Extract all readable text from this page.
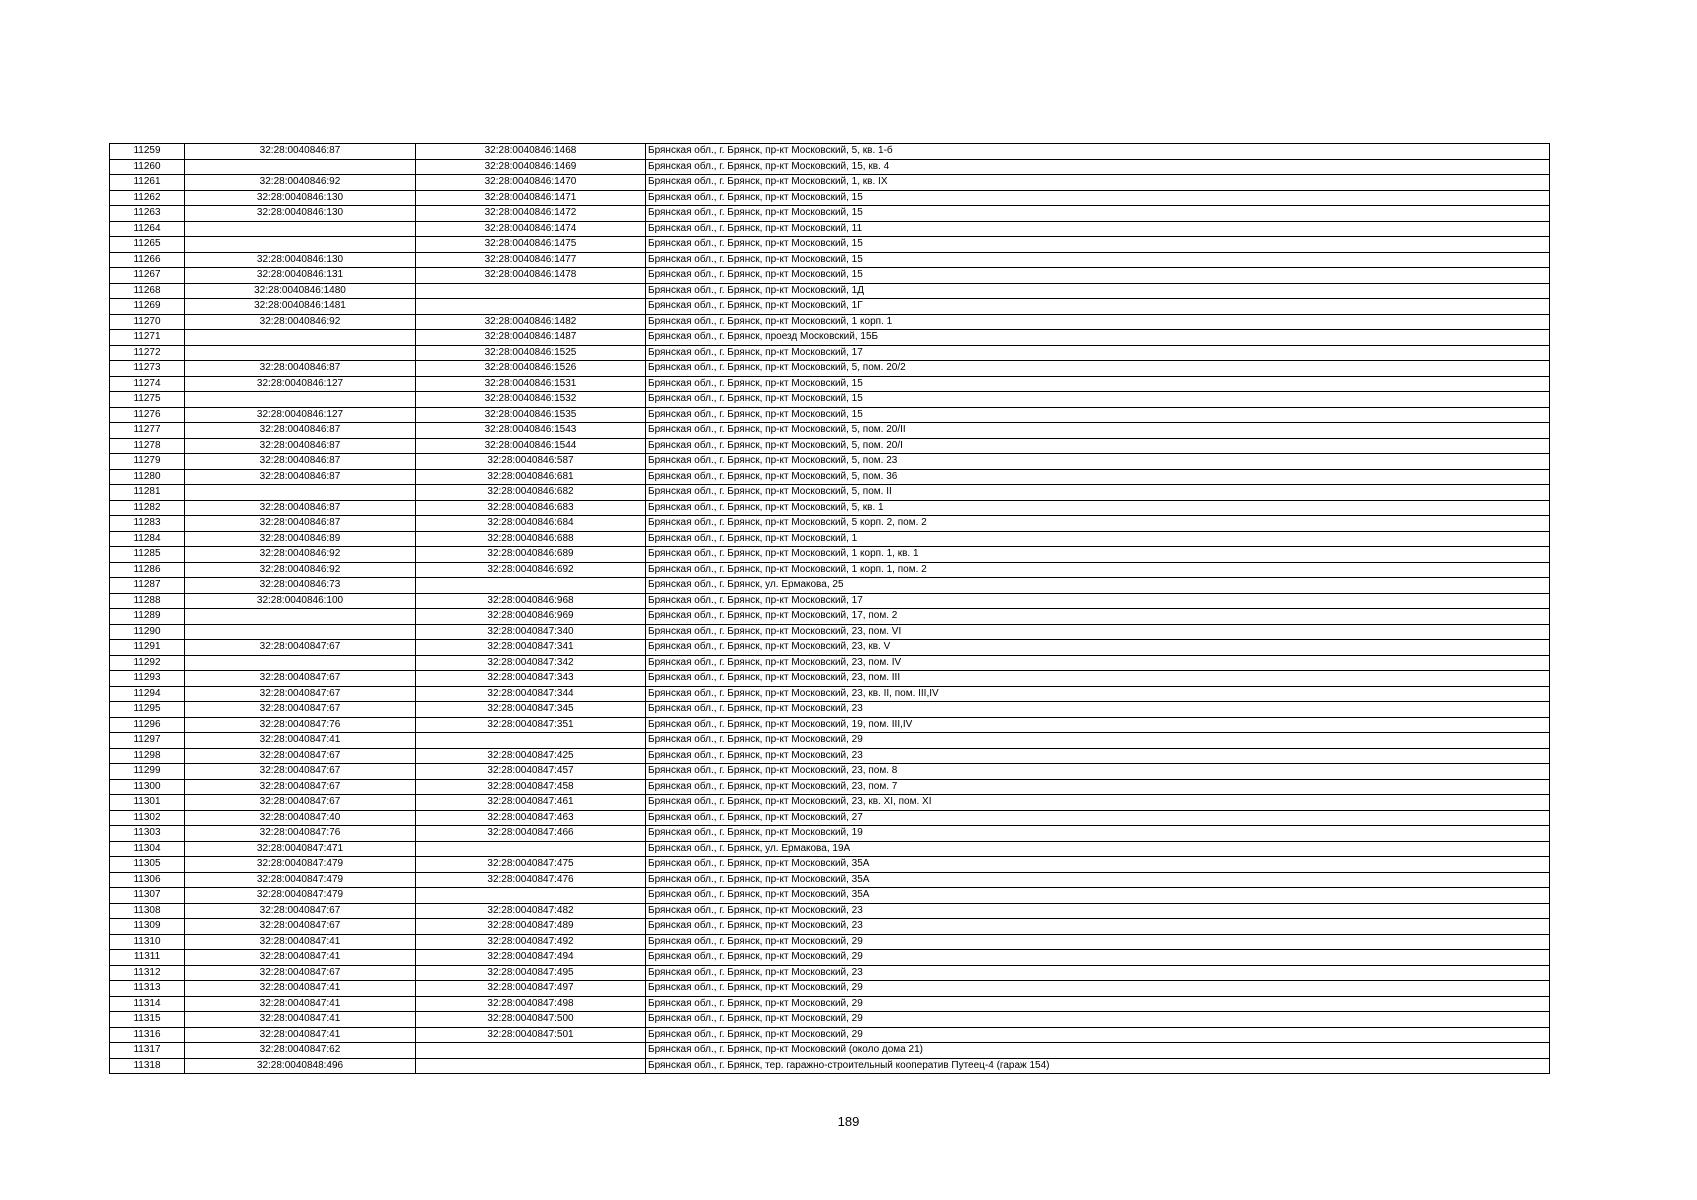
11259	32:28:0040846:87	32:28:0040846:1468	Брянская обл., г. Брянск, пр-кт Московский, 5, кв. 1-б
11260		32:28:0040846:1469	Брянская обл., г. Брянск, пр-кт Московский, 15, кв. 4
11261	32:28:0040846:92	32:28:0040846:1470	Брянская обл., г. Брянск, пр-кт Московский, 1, кв. IX
11262	32:28:0040846:130	32:28:0040846:1471	Брянская обл., г. Брянск, пр-кт Московский, 15
11263	32:28:0040846:130	32:28:0040846:1472	Брянская обл., г. Брянск, пр-кт Московский, 15
11264		32:28:0040846:1474	Брянская обл., г. Брянск, пр-кт Московский, 11
11265		32:28:0040846:1475	Брянская обл., г. Брянск, пр-кт Московский, 15
11266	32:28:0040846:130	32:28:0040846:1477	Брянская обл., г. Брянск, пр-кт Московский, 15
11267	32:28:0040846:131	32:28:0040846:1478	Брянская обл., г. Брянск, пр-кт Московский, 15
11268	32:28:0040846:1480		Брянская обл., г. Брянск, пр-кт Московский, 1Д
11269	32:28:0040846:1481		Брянская обл., г. Брянск, пр-кт Московский, 1Г
11270	32:28:0040846:92	32:28:0040846:1482	Брянская обл., г. Брянск, пр-кт Московский, 1 корп. 1
11271		32:28:0040846:1487	Брянская обл., г. Брянск, проезд Московский, 15Б
11272		32:28:0040846:1525	Брянская обл., г. Брянск, пр-кт Московский, 17
11273	32:28:0040846:87	32:28:0040846:1526	Брянская обл., г. Брянск, пр-кт Московский, 5, пом. 20/2
11274	32:28:0040846:127	32:28:0040846:1531	Брянская обл., г. Брянск, пр-кт Московский, 15
11275		32:28:0040846:1532	Брянская обл., г. Брянск, пр-кт Московский, 15
11276	32:28:0040846:127	32:28:0040846:1535	Брянская обл., г. Брянск, пр-кт Московский, 15
11277	32:28:0040846:87	32:28:0040846:1543	Брянская обл., г. Брянск, пр-кт Московский, 5, пом. 20/II
11278	32:28:0040846:87	32:28:0040846:1544	Брянская обл., г. Брянск, пр-кт Московский, 5, пом. 20/I
11279	32:28:0040846:87	32:28:0040846:587	Брянская обл., г. Брянск, пр-кт Московский, 5, пом. 23
11280	32:28:0040846:87	32:28:0040846:681	Брянская обл., г. Брянск, пр-кт Московский, 5, пом. 36
11281		32:28:0040846:682	Брянская обл., г. Брянск, пр-кт Московский, 5, пом. II
11282	32:28:0040846:87	32:28:0040846:683	Брянская обл., г. Брянск, пр-кт Московский, 5, кв. 1
11283	32:28:0040846:87	32:28:0040846:684	Брянская обл., г. Брянск, пр-кт Московский, 5 корп. 2, пом. 2
11284	32:28:0040846:89	32:28:0040846:688	Брянская обл., г. Брянск, пр-кт Московский, 1
11285	32:28:0040846:92	32:28:0040846:689	Брянская обл., г. Брянск, пр-кт Московский, 1 корп. 1, кв. 1
11286	32:28:0040846:92	32:28:0040846:692	Брянская обл., г. Брянск, пр-кт Московский, 1 корп. 1, пом. 2
11287	32:28:0040846:73		Брянская обл., г. Брянск, ул. Ермакова, 25
11288	32:28:0040846:100	32:28:0040846:968	Брянская обл., г. Брянск, пр-кт Московский, 17
11289		32:28:0040846:969	Брянская обл., г. Брянск, пр-кт Московский, 17, пом. 2
11290		32:28:0040847:340	Брянская обл., г. Брянск, пр-кт Московский, 23, пом. VI
11291	32:28:0040847:67	32:28:0040847:341	Брянская обл., г. Брянск, пр-кт Московский, 23, кв. V
11292		32:28:0040847:342	Брянская обл., г. Брянск, пр-кт Московский, 23, пом. IV
11293	32:28:0040847:67	32:28:0040847:343	Брянская обл., г. Брянск, пр-кт Московский, 23, пом. III
11294	32:28:0040847:67	32:28:0040847:344	Брянская обл., г. Брянск, пр-кт Московский, 23, кв. II, пом. III,IV
11295	32:28:0040847:67	32:28:0040847:345	Брянская обл., г. Брянск, пр-кт Московский, 23
11296	32:28:0040847:76	32:28:0040847:351	Брянская обл., г. Брянск, пр-кт Московский, 19, пом. III,IV
11297	32:28:0040847:41		Брянская обл., г. Брянск, пр-кт Московский, 29
11298	32:28:0040847:67	32:28:0040847:425	Брянская обл., г. Брянск, пр-кт Московский, 23
11299	32:28:0040847:67	32:28:0040847:457	Брянская обл., г. Брянск, пр-кт Московский, 23, пом. 8
11300	32:28:0040847:67	32:28:0040847:458	Брянская обл., г. Брянск, пр-кт Московский, 23, пом. 7
11301	32:28:0040847:67	32:28:0040847:461	Брянская обл., г. Брянск, пр-кт Московский, 23, кв. XI, пом. XI
11302	32:28:0040847:40	32:28:0040847:463	Брянская обл., г. Брянск, пр-кт Московский, 27
11303	32:28:0040847:76	32:28:0040847:466	Брянская обл., г. Брянск, пр-кт Московский, 19
11304	32:28:0040847:471		Брянская обл., г. Брянск, ул. Ермакова, 19А
11305	32:28:0040847:479	32:28:0040847:475	Брянская обл., г. Брянск, пр-кт Московский, 35А
11306	32:28:0040847:479	32:28:0040847:476	Брянская обл., г. Брянск, пр-кт Московский, 35А
11307	32:28:0040847:479		Брянская обл., г. Брянск, пр-кт Московский, 35А
11308	32:28:0040847:67	32:28:0040847:482	Брянская обл., г. Брянск, пр-кт Московский, 23
11309	32:28:0040847:67	32:28:0040847:489	Брянская обл., г. Брянск, пр-кт Московский, 23
11310	32:28:0040847:41	32:28:0040847:492	Брянская обл., г. Брянск, пр-кт Московский, 29
11311	32:28:0040847:41	32:28:0040847:494	Брянская обл., г. Брянск, пр-кт Московский, 29
11312	32:28:0040847:67	32:28:0040847:495	Брянская обл., г. Брянск, пр-кт Московский, 23
11313	32:28:0040847:41	32:28:0040847:497	Брянская обл., г. Брянск, пр-кт Московский, 29
11314	32:28:0040847:41	32:28:0040847:498	Брянская обл., г. Брянск, пр-кт Московский, 29
11315	32:28:0040847:41	32:28:0040847:500	Брянская обл., г. Брянск, пр-кт Московский, 29
11316	32:28:0040847:41	32:28:0040847:501	Брянская обл., г. Брянск, пр-кт Московский, 29
11317	32:28:0040847:62		Брянская обл., г. Брянск, пр-кт Московский (около дома 21)
11318	32:28:0040848:496		Брянская обл., г. Брянск, тер. гаражно-строительный кооператив Путеец-4 (гараж 154)
189
